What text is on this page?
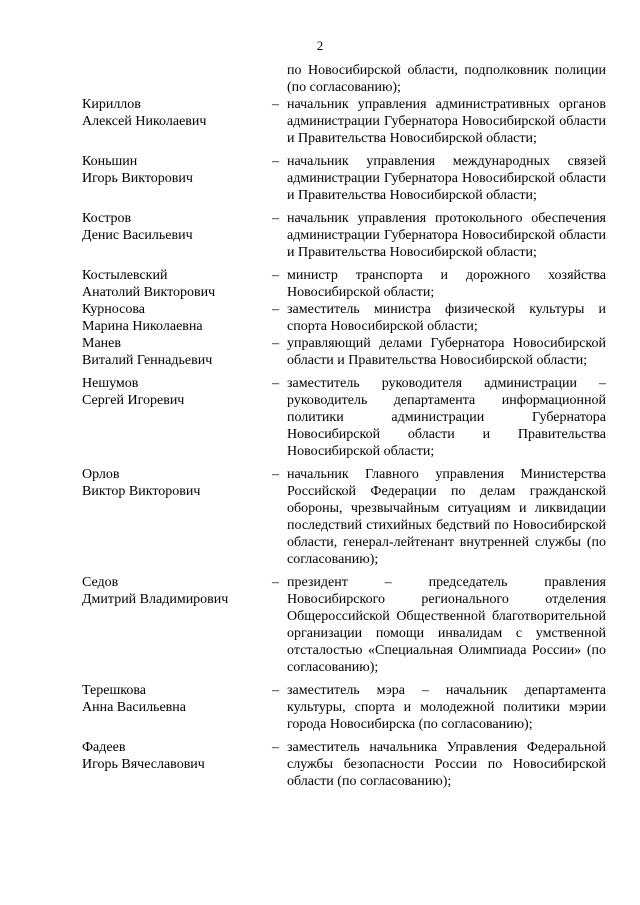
2
по Новосибирской области, подполковник полиции (по согласованию);
Кириллов
Алексей Николаевич
– начальник управления административных органов администрации Губернатора Новосибирской области и Правительства Новосибирской области;
Коньшин
Игорь Викторович
– начальник управления международных связей администрации Губернатора Новосибирской области и Правительства Новосибирской области;
Костров
Денис Васильевич
– начальник управления протокольного обеспечения администрации Губернатора Новосибирской области и Правительства Новосибирской области;
Костылевский
Анатолий Викторович
– министр транспорта и дорожного хозяйства Новосибирской области;
Курносова
Марина Николаевна
– заместитель министра физической культуры и спорта Новосибирской области;
Манев
Виталий Геннадьевич
– управляющий делами Губернатора Новосибирской области и Правительства Новосибирской области;
Нешумов
Сергей Игоревич
– заместитель руководителя администрации – руководитель департамента информационной политики администрации Губернатора Новосибирской области и Правительства Новосибирской области;
Орлов
Виктор Викторович
– начальник Главного управления Министерства Российской Федерации по делам гражданской обороны, чрезвычайным ситуациям и ликвидации последствий стихийных бедствий по Новосибирской области, генерал-лейтенант внутренней службы (по согласованию);
Седов
Дмитрий Владимирович
– президент – председатель правления Новосибирского регионального отделения Общероссийской Общественной благотворительной организации помощи инвалидам с умственной отсталостью «Специальная Олимпиада России» (по согласованию);
Терешкова
Анна Васильевна
– заместитель мэра – начальник департамента культуры, спорта и молодежной политики мэрии города Новосибирска (по согласованию);
Фадеев
Игорь Вячеславович
– заместитель начальника Управления Федеральной службы безопасности России по Новосибирской области (по согласованию);
